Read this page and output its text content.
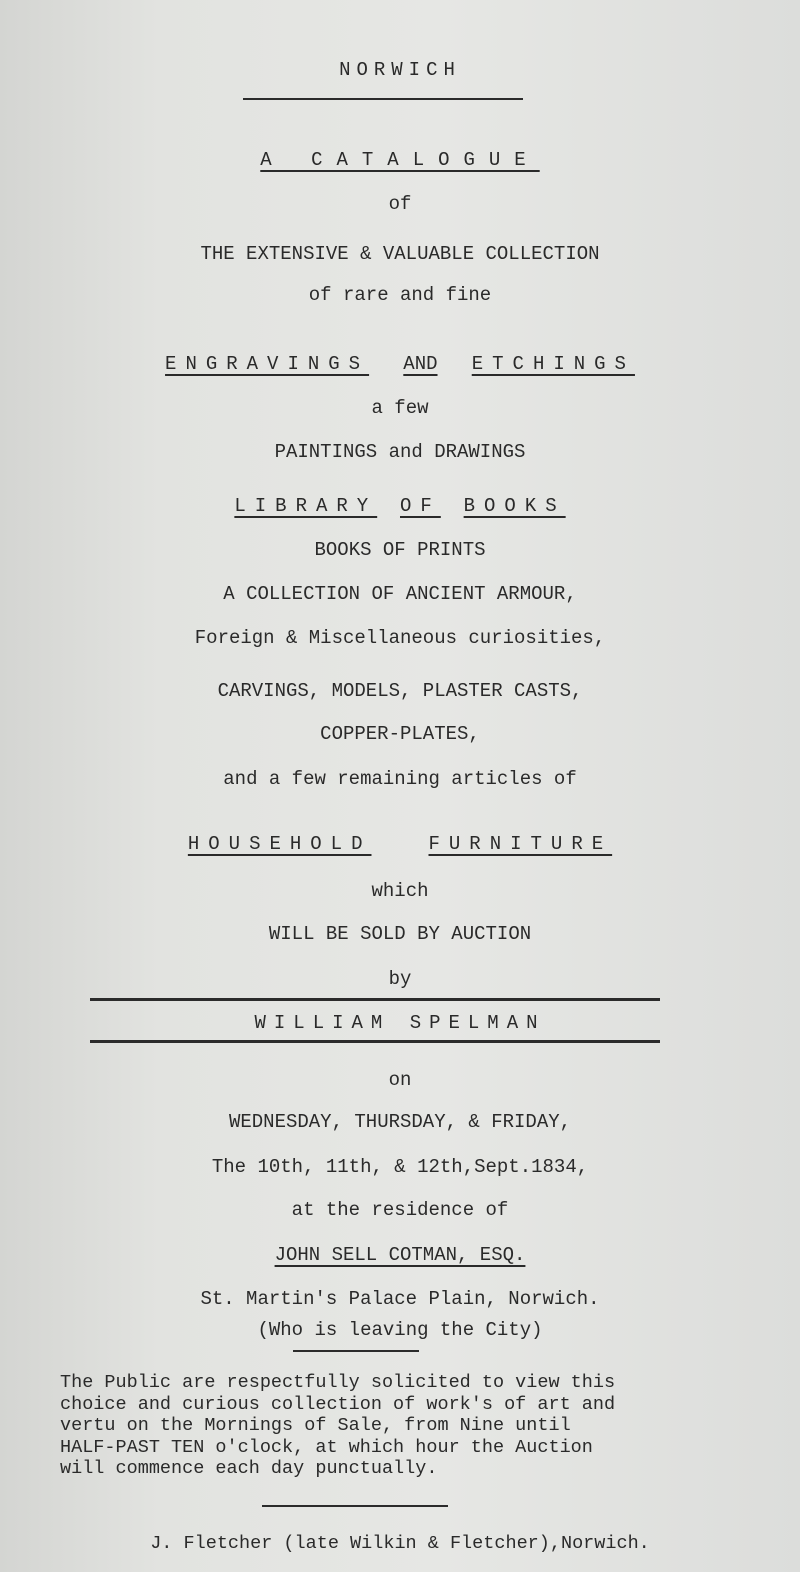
NORWICH
A CATALOGUE
of
THE EXTENSIVE & VALUABLE COLLECTION
of rare and fine
ENGRAVINGS AND ETCHINGS
a few
PAINTINGS and DRAWINGS
LIBRARY OF BOOKS
BOOKS OF PRINTS
A COLLECTION OF ANCIENT ARMOUR,
Foreign & Miscellaneous curiosities,
CARVINGS, MODELS, PLASTER CASTS,
COPPER-PLATES,
and a few remaining articles of
HOUSEHOLD	FURNITURE
which
WILL BE SOLD BY AUCTION
by
WILLIAM SPELMAN
on
WEDNESDAY, THURSDAY, & FRIDAY,
The 10th, 11th, & 12th,Sept.1834,
at the residence of
JOHN SELL COTMAN, ESQ.
St. Martin's Palace Plain, Norwich.
(Who is leaving the City)
The Public are respectfully solicited to view this
choice and curious collection of work's of art and
vertu on the Mornings of Sale, from Nine until
HALF-PAST TEN o'clock, at which hour the Auction
will commence each day punctually.
J. Fletcher (late Wilkin & Fletcher),Norwich.
